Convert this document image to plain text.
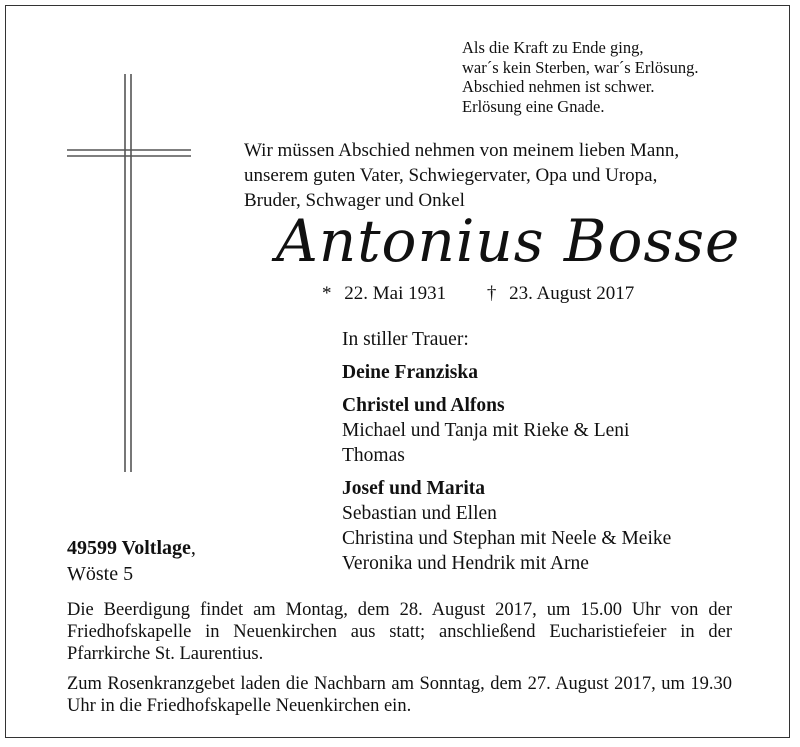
Als die Kraft zu Ende ging,
war´s kein Sterben, war´s Erlösung.
Abschied nehmen ist schwer.
Erlösung eine Gnade.
Wir müssen Abschied nehmen von meinem lieben Mann,
unserem guten Vater, Schwiegervater, Opa und Uropa,
Bruder, Schwager und Onkel
Antonius Bosse
* 22. Mai 1931 † 23. August 2017
In stiller Trauer:
Deine Franziska
Christel und Alfons
Michael und Tanja mit Rieke & Leni
Thomas
Josef und Marita
Sebastian und Ellen
Christina und Stephan mit Neele & Meike
Veronika und Hendrik mit Arne
49599 Voltlage,
Wöste 5
Die Beerdigung findet am Montag, dem 28. August 2017, um 15.00 Uhr von der Friedhofskapelle in Neuenkirchen aus statt; anschließend Eucharistiefeier in der Pfarrkirche St. Laurentius.
Zum Rosenkranzgebet laden die Nachbarn am Sonntag, dem 27. August 2017, um 19.30 Uhr in die Friedhofskapelle Neuenkirchen ein.
